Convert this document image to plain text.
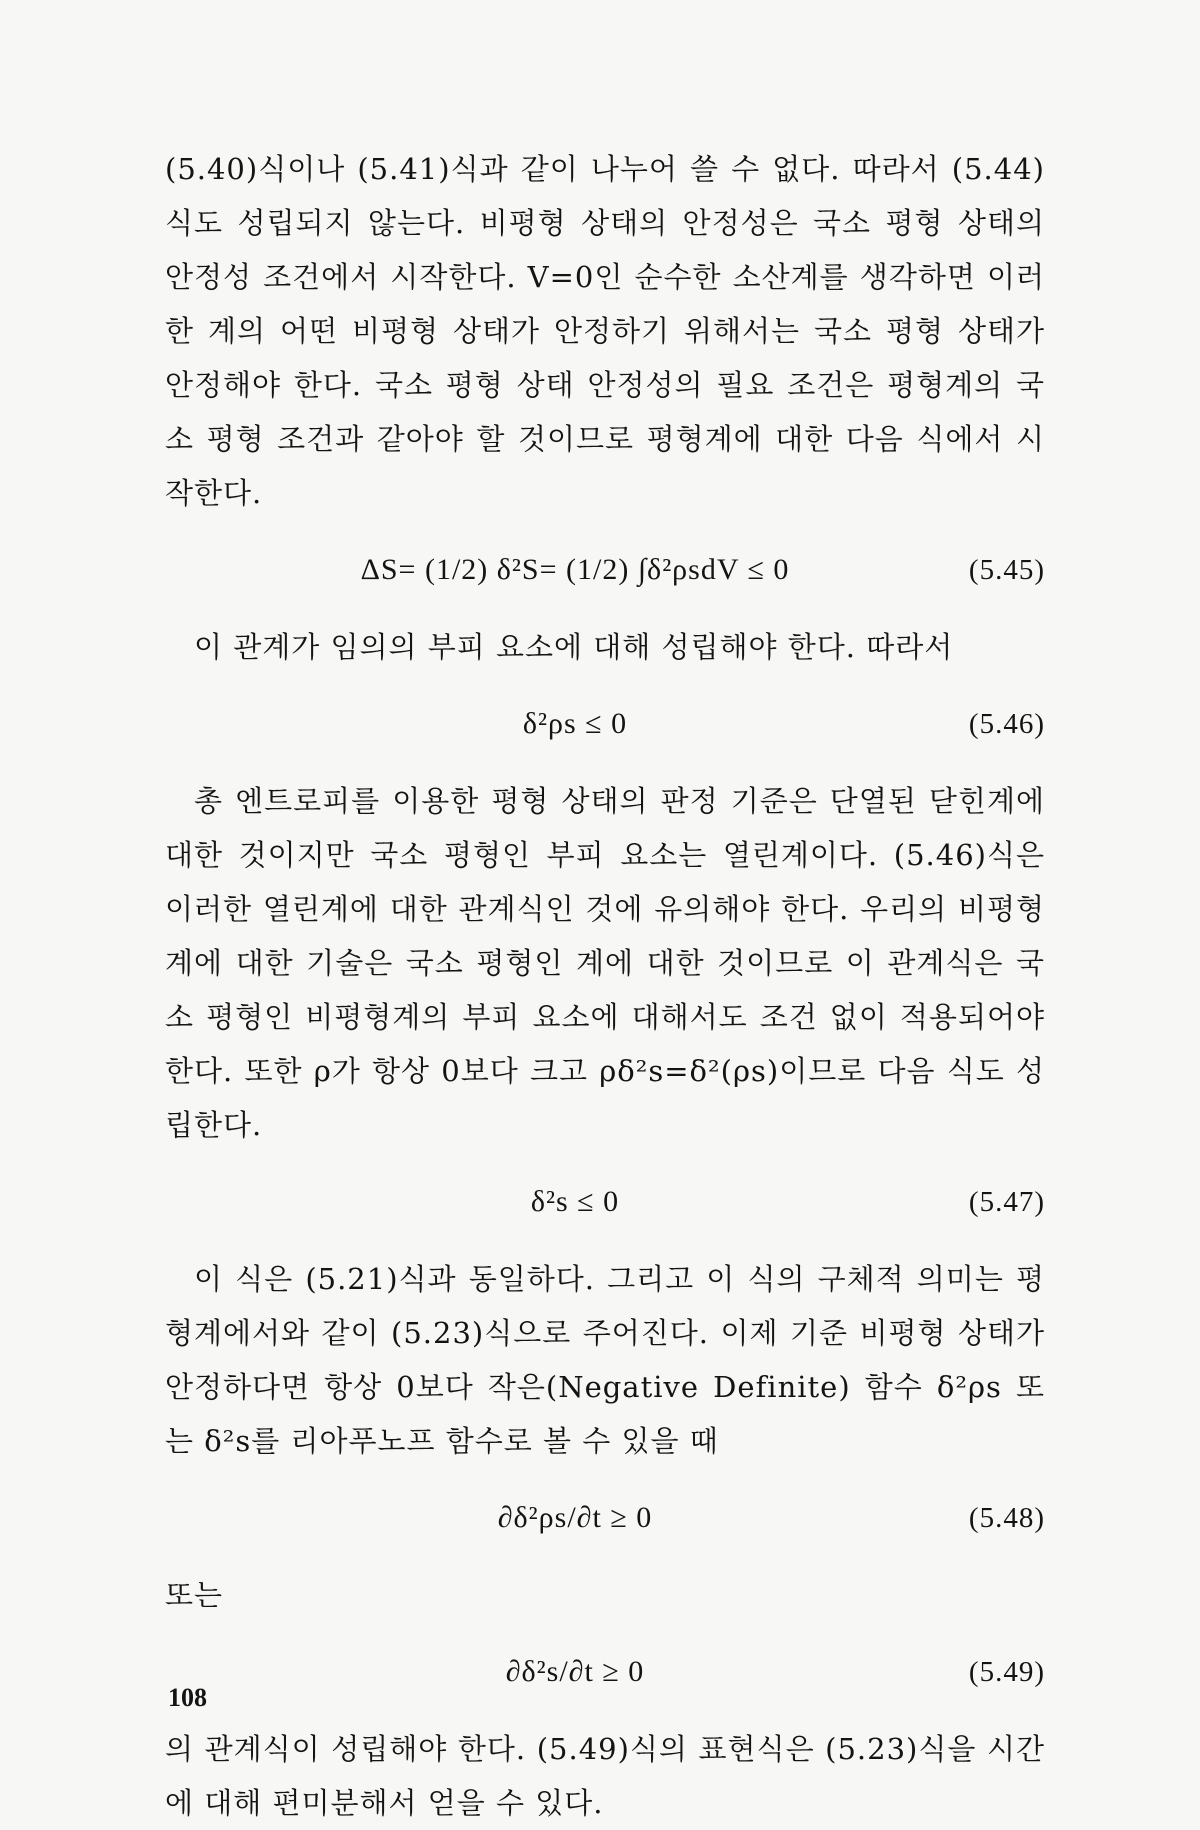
(5.40)식이나 (5.41)식과 같이 나누어 쓸 수 없다. 따라서 (5.44)식도 성립되지 않는다. 비평형 상태의 안정성은 국소 평형 상태의 안정성 조건에서 시작한다. V=0인 순수한 소산계를 생각하면 이러한 계의 어떤 비평형 상태가 안정하기 위해서는 국소 평형 상태가 안정해야 한다. 국소 평형 상태 안정성의 필요 조건은 평형계의 국소 평형 조건과 같아야 할 것이므로 평형계에 대한 다음 식에서 시작한다.

ΔS= (1/2) δ²S= (1/2) ∫δ²ρsdV ≤ 0	(5.45)

이 관계가 임의의 부피 요소에 대해 성립해야 한다. 따라서

δ²ρs ≤ 0	(5.46)

총 엔트로피를 이용한 평형 상태의 판정 기준은 단열된 닫힌계에 대한 것이지만 국소 평형인 부피 요소는 열린계이다. (5.46)식은 이러한 열린계에 대한 관계식인 것에 유의해야 한다. 우리의 비평형 계에 대한 기술은 국소 평형인 계에 대한 것이므로 이 관계식은 국소 평형인 비평형계의 부피 요소에 대해서도 조건 없이 적용되어야 한다. 또한 ρ가 항상 0보다 크고 ρδ²s=δ²(ρs)이므로 다음 식도 성립한다.

δ²s ≤ 0	(5.47)

이 식은 (5.21)식과 동일하다. 그리고 이 식의 구체적 의미는 평형계에서와 같이 (5.23)식으로 주어진다. 이제 기준 비평형 상태가 안정하다면 항상 0보다 작은(Negative Definite) 함수 δ²ρs 또는 δ²s를 리아푸노프 함수로 볼 수 있을 때

∂δ²ρs/∂t ≥ 0	(5.48)

또는

∂δ²s/∂t ≥ 0	(5.49)

의 관계식이 성립해야 한다. (5.49)식의 표현식은 (5.23)식을 시간에 대해 편미분해서 얻을 수 있다.

108
